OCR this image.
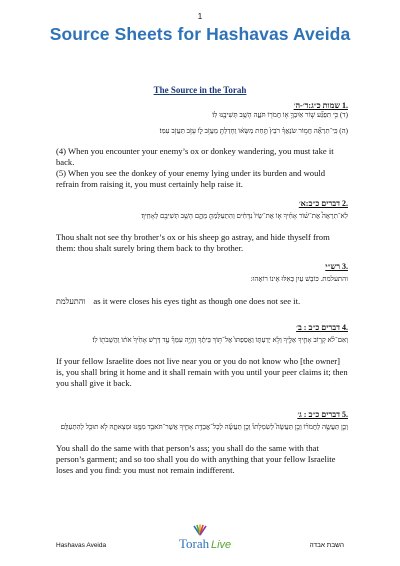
1
Source Sheets for Hashavas Aveida
The Source in the Torah

.1 שמות כ״ג:ד׳-ה׳

(ד) כִּ֣י תִפְגַּ֞ע שׁ֧וֹר אֹֽיִבְךָ֛ א֥וֹ חֲמֹר֖וֹ תֹּעֶ֑ה הָשֵׁ֥ב תְּשִׁיבֶ֖נּוּ לֽוֹ׃

(ה) כִּֽי־תִרְאֶ֞ה חֲמ֣וֹר שֹׂנַאֲךָ֗ רֹבֵץ֙ תַּ֣חַת מַשָּׂא֔וֹ וְחָדַלְתָּ֖ מֵעֲזֹ֣ב ל֑וֹ עָזֹ֥ב תַּעֲזֹ֖ב עִמּֽוֹ׃

(4) When you encounter your enemy’s ox or donkey wandering, you must take it back.

(5) When you see the donkey of your enemy lying under its burden and would refrain from raising it, you must certainly help raise it.

.2 דברים כ״ב:א׳

לֹֽא־תִרְאֶה֩ אֶת־שׁ֨וֹר אָחִ֜יךָ א֤וֹ אֶת־שֵׂיוֹ֙ נִדָּחִ֔ים וְהִתְעַלַּמְתָּ֖ מֵהֶ֑ם הָשֵׁ֥ב תְּשִׁיבֵ֖ם לְאָחִֽיךָ׃

Thou shalt not see thy brother’s ox or his sheep go astray, and hide thyself from them: thou shalt surely bring them back to thy brother.

.3 רש״י

והתעלמת. כּוֹבֵשׁ עַיִן כְּאִלּוּ אֵינוֹ רוֹאֶהוּ:

והתעלמת as it were closes his eyes tight as though one does not see it.

.4 דברים כ״ב : ב׳

וְאִם־לֹ֨א קָר֥וֹב אָחִ֛יךָ אֵלֶ֖יךָ וְלֹ֣א יְדַעְתּ֑וֹ וַאֲסַפְתּוֹ֙ אֶל־תּ֣וֹךְ בֵּיתֶ֔ךָ וְהָיָ֣ה עִמְּךָ֗ עַ֣ד דְּרֹ֤שׁ אָחִ֙יךָ֙ אֹת֔וֹ וַהֲשֵׁבֹת֖וֹ לֽוֹ׃

If your fellow Israelite does not live near you or you do not know who [the owner] is, you shall bring it home and it shall remain with you until your peer claims it; then you shall give it back.

.5 דברים כ״ב : ג׳

וְכֵ֧ן תַּעֲשֶׂ֣ה לַחֲמֹר֗וֹ וְכֵ֣ן תַּעֲשֶׂה֮ לְשִׂמְלָתוֹ֒ וְכֵ֣ן תַעֲשֶׂ֜ה לְכָל־אֲבֵדַ֥ת אָחִ֛יךָ אֲשֶׁר־תֹּאבַ֥ד מִמֶּ֖נּוּ וּמְצָאתָ֑הּ לֹ֥א תוּכַ֖ל לְהִתְעַלֵּֽם׃

You shall do the same with that person’s ass; you shall do the same with that person’s garment; and so too shall you do with anything that your fellow Israelite loses and you find: you must not remain indifferent.

Hashavas Aveida	Torah Live	השבת אבדה
